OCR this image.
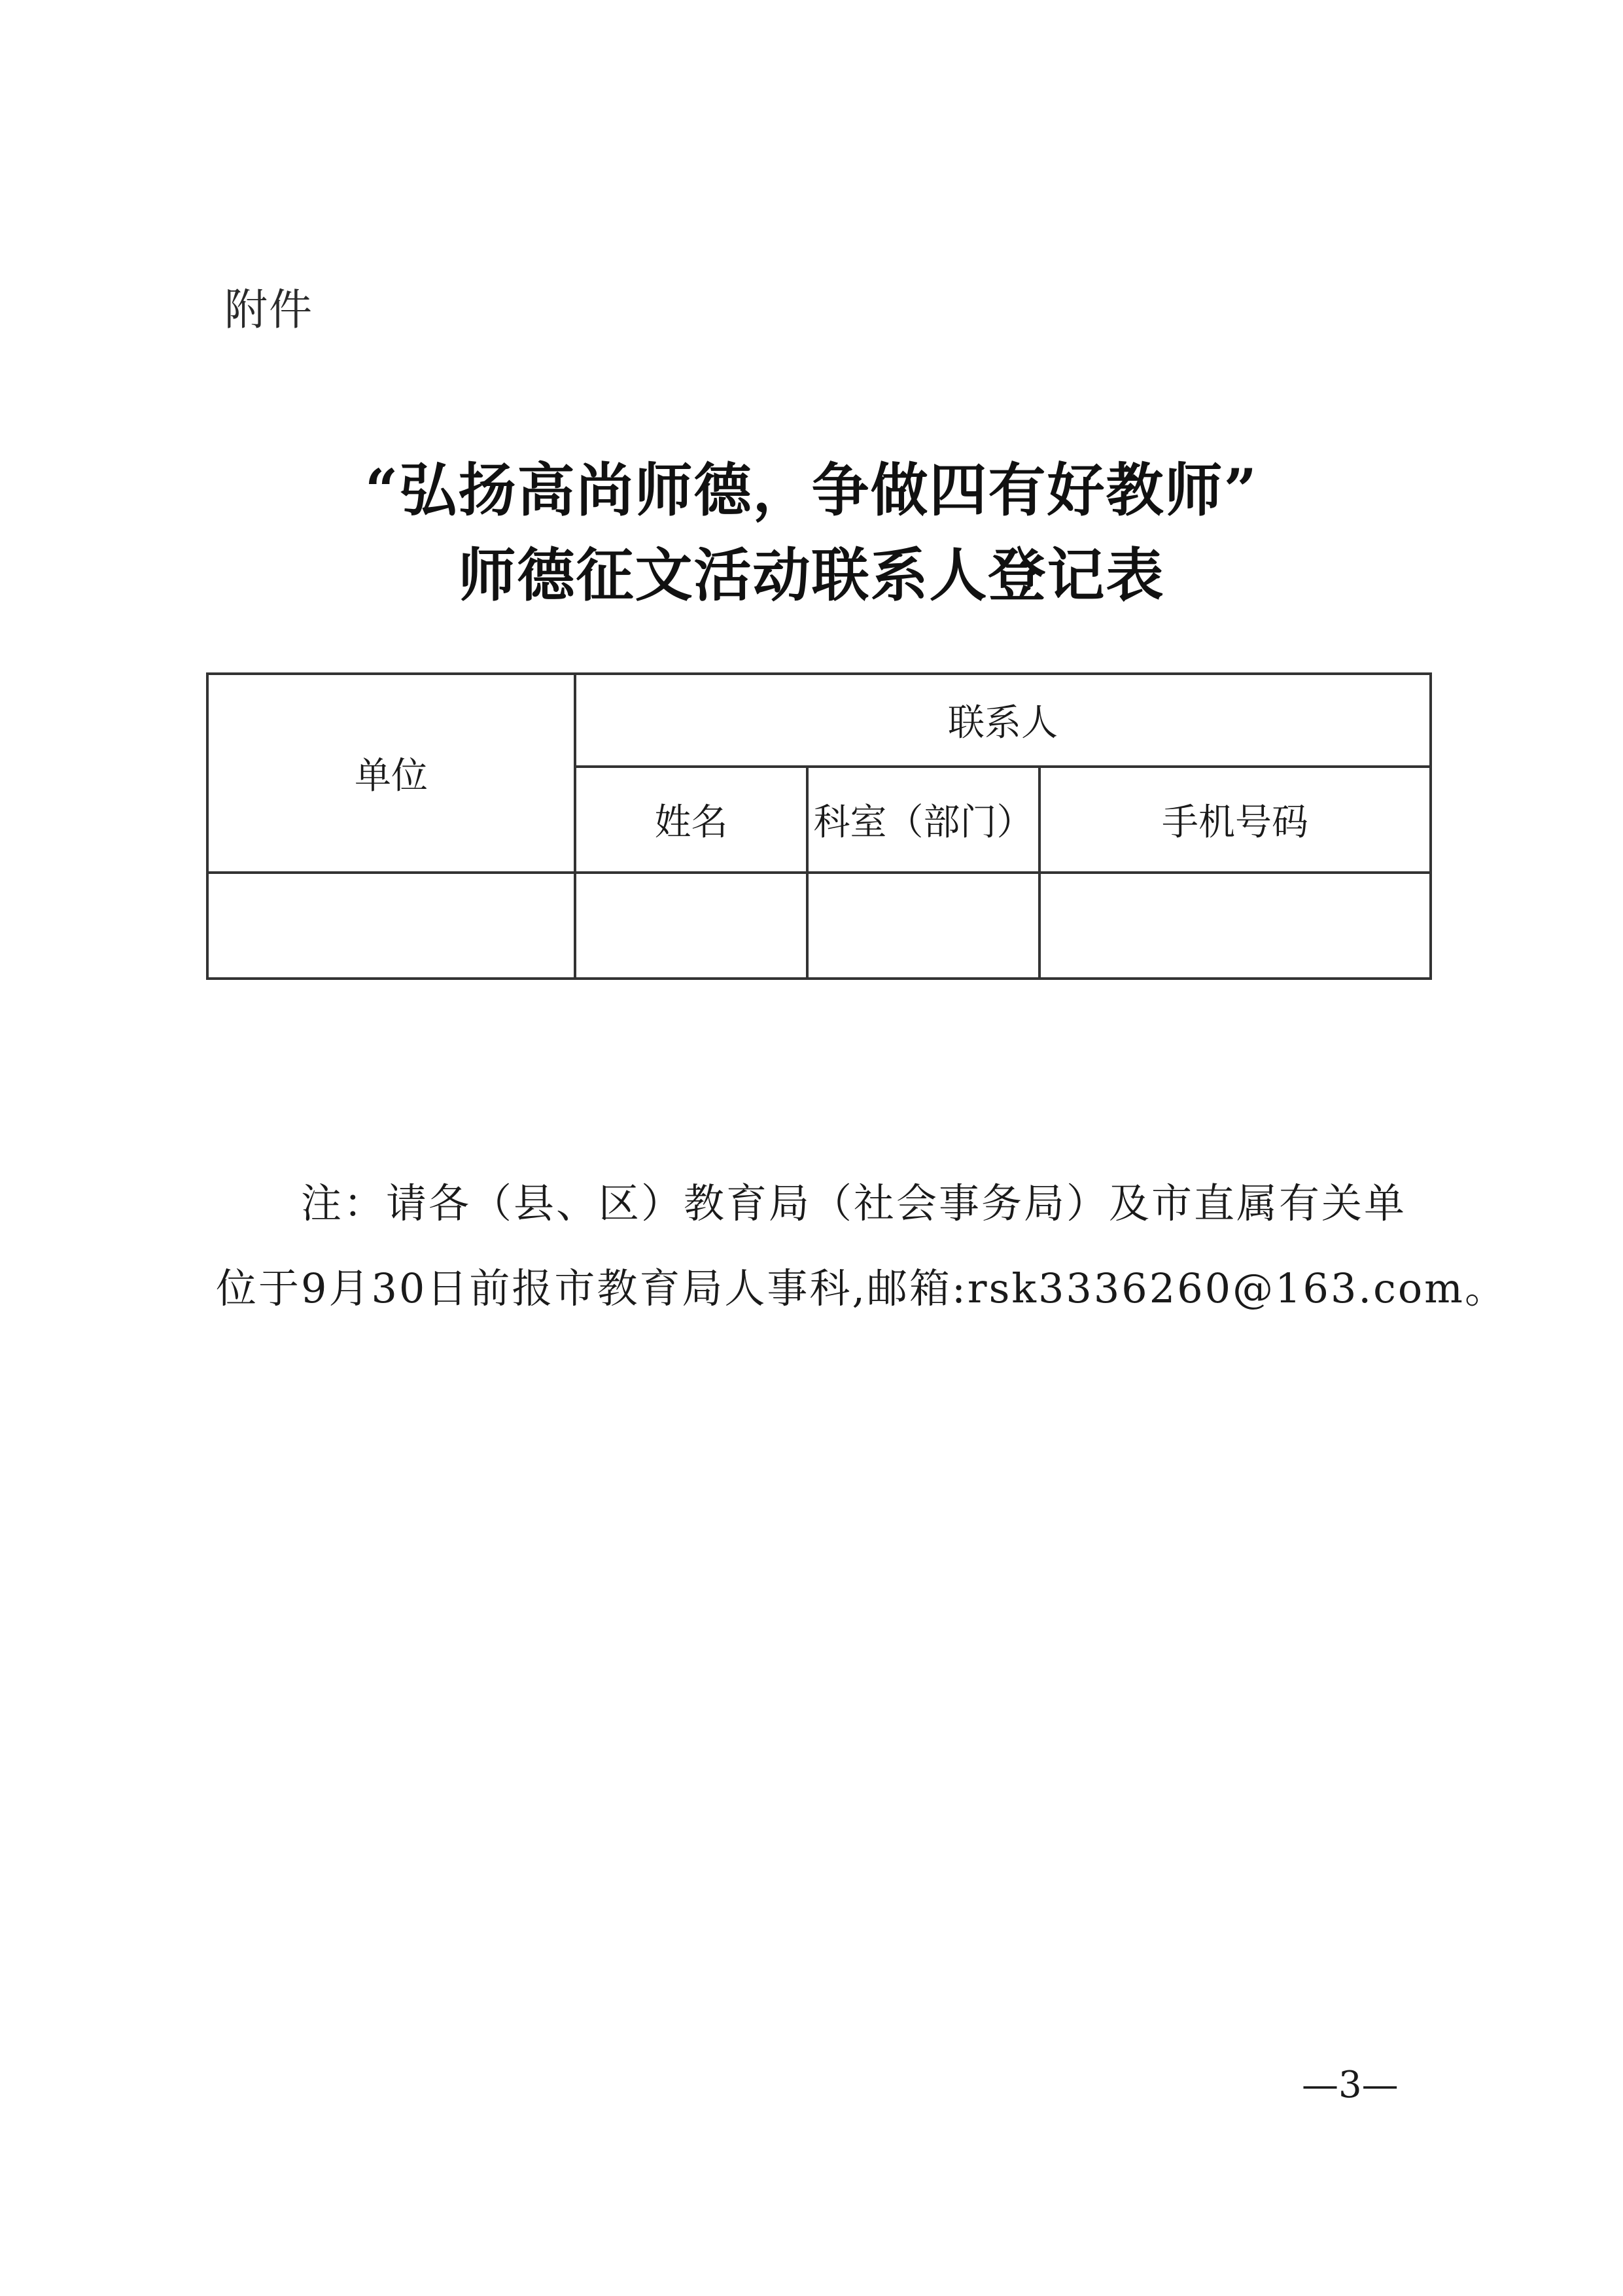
附件
“弘扬高尚师德，争做四有好教师”
师德征文活动联系人登记表
单位	联系人		
	姓名	科室（部门）	手机号码

注：请各（县、区）教育局（社会事务局）及市直属有关单
位于9月30日前报市教育局人事科,邮箱:rsk3336260@163.com。
—3—
